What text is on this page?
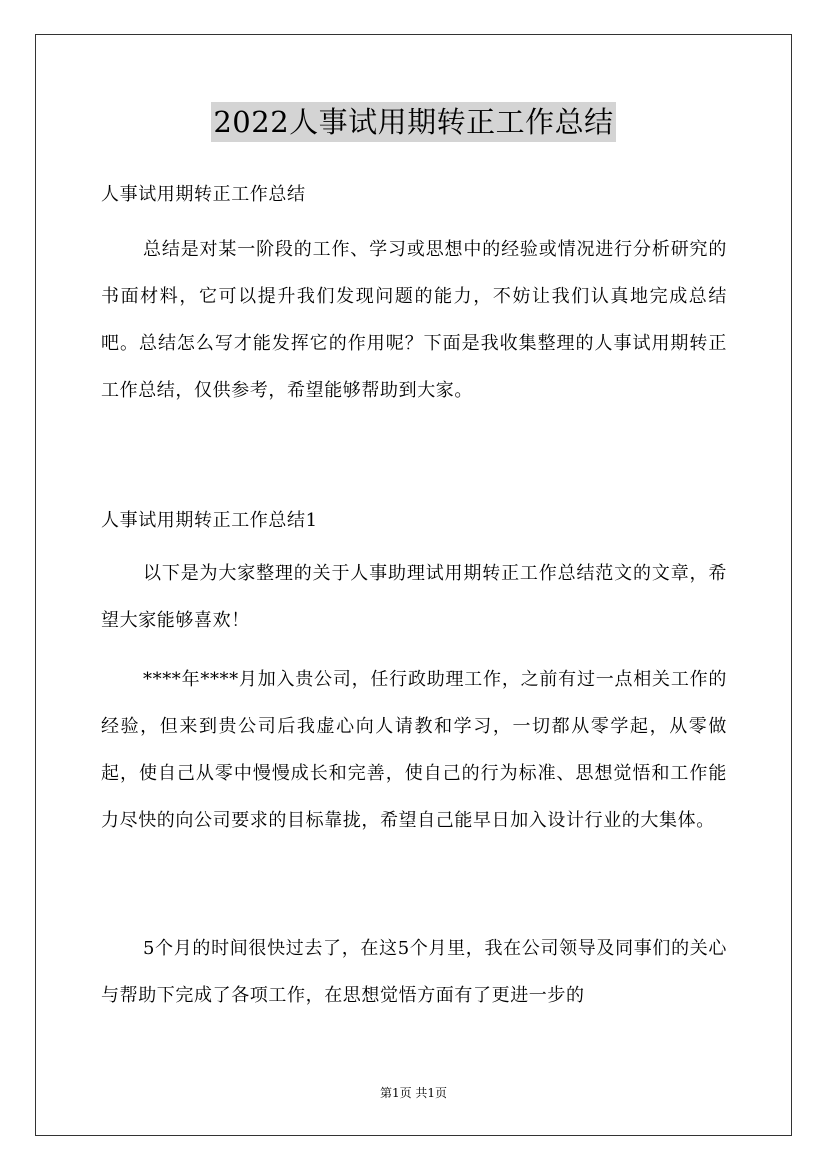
2022人事试用期转正工作总结
人事试用期转正工作总结
总结是对某一阶段的工作、学习或思想中的经验或情况进行分析研究的书面材料，它可以提升我们发现问题的能力，不妨让我们认真地完成总结吧。总结怎么写才能发挥它的作用呢？下面是我收集整理的人事试用期转正工作总结，仅供参考，希望能够帮助到大家。
人事试用期转正工作总结1
以下是为大家整理的关于人事助理试用期转正工作总结范文的文章，希望大家能够喜欢！
****年****月加入贵公司，任行政助理工作，之前有过一点相关工作的经验，但来到贵公司后我虚心向人请教和学习，一切都从零学起，从零做起，使自己从零中慢慢成长和完善，使自己的行为标准、思想觉悟和工作能力尽快的向公司要求的目标靠拢，希望自己能早日加入设计行业的大集体。
5个月的时间很快过去了，在这5个月里，我在公司领导及同事们的关心与帮助下完成了各项工作，在思想觉悟方面有了更进一步的
第1页 共1页
